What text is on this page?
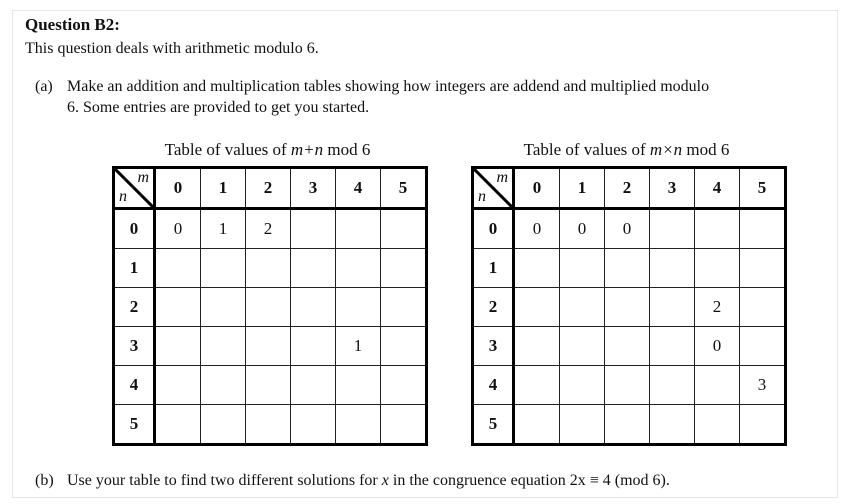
Question B2:
This question deals with arithmetic modulo 6.
(a) Make an addition and multiplication tables showing how integers are addend and multiplied modulo
6. Some entries are provided to get you started.
Table of values of m+n mod 6
m
n	0	1	2	3	4	5
0	0	1	2			
1						
2						
3					1	
4						
5						
Table of values of m×n mod 6
m
n	0	1	2	3	4	5
0	0	0	0			
1						
2					2	
3					0	
4						3
5						
(b) Use your table to find two different solutions for x in the congruence equation 2x ≡ 4 (mod 6).
